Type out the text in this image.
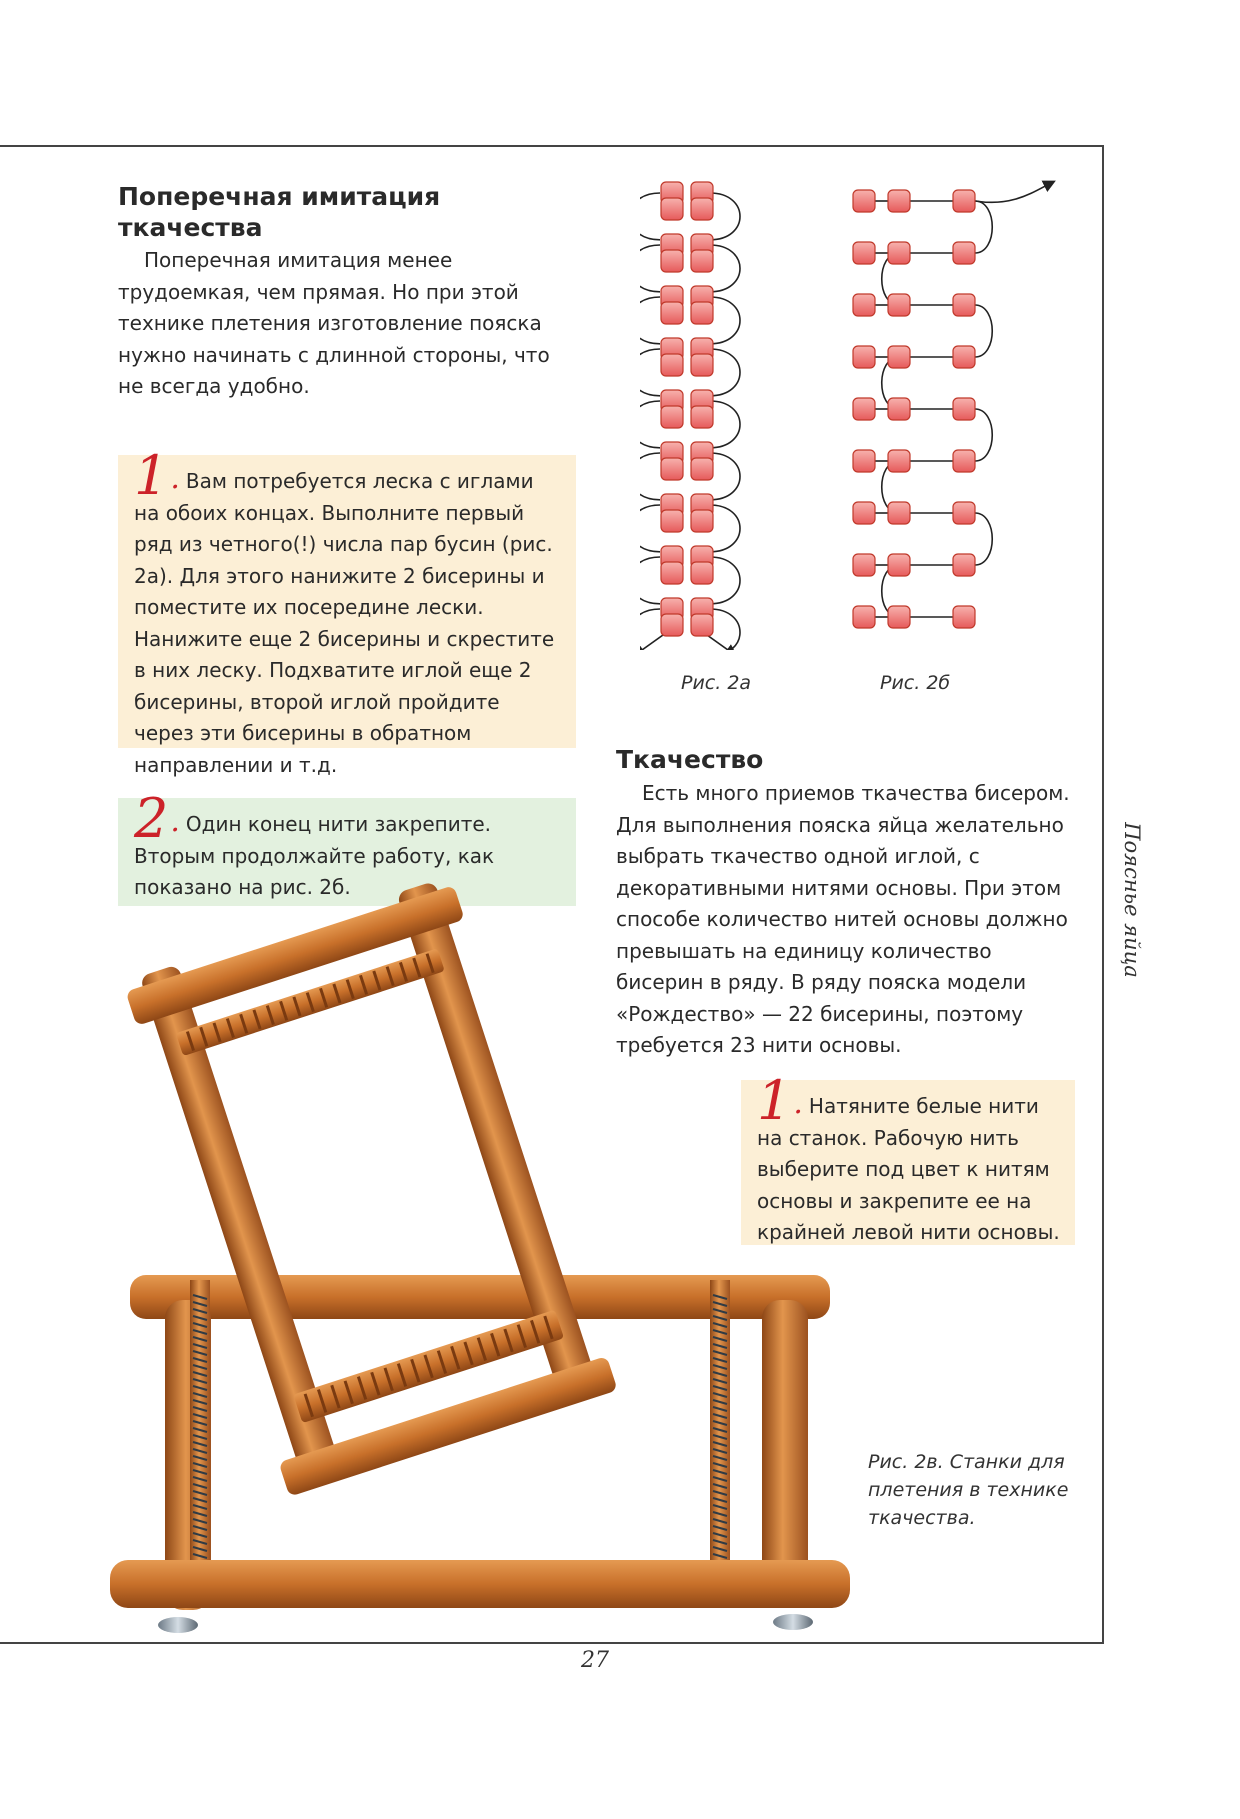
Поперечная имитация
ткачества

Поперечная имитация менее трудоемкая, чем прямая. Но при этой технике плетения изготовление пояска нужно начинать с длинной стороны, что не всегда удобно.

1. Вам потребуется леска с иглами на обоих концах. Выполните первый ряд из четного(!) числа пар бусин (рис. 2а). Для этого нанижите 2 бисерины и поместите их посередине лески. Нанижите еще 2 бисерины и скрестите в них леску. Подхватите иглой еще 2 бисерины, второй иглой пройдите через эти бисерины в обратном направлении и т.д.
2. Один конец нити закрепите. Вторым продолжайте работу, как показано на рис. 2б.
Рис. 2а	Рис. 2б
Ткачество

Есть много приемов ткачества бисером. Для выполнения пояска яйца желательно выбрать ткачество одной иглой, с декоративными нитями основы. При этом способе количество нитей основы должно превышать на единицу количество бисерин в ряду. В ряду пояска модели «Рождество» — 22 бисерины, поэтому требуется 23 нити основы.

1. Натяните белые нити на станок. Рабочую нить выберите под цвет к нитям основы и закрепите ее на крайней левой нити основы.
Рис. 2в. Станки для плетения в технике ткачества.
Пояснье яйца
27
